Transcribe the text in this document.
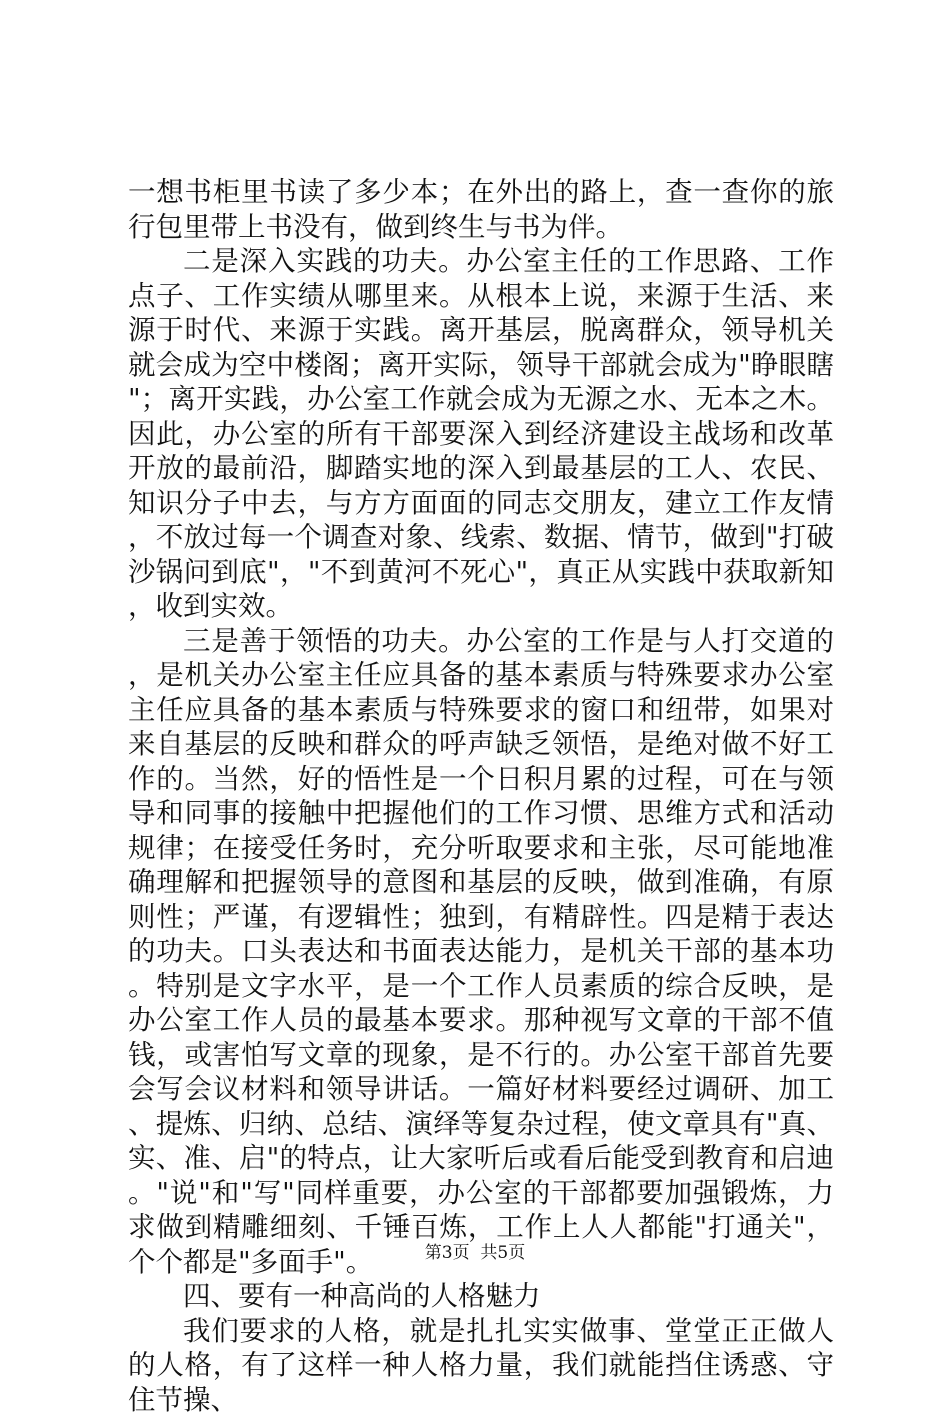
一想书柜里书读了多少本；在外出的路上，查一查你的旅行包里带上书没有，做到终生与书为伴。

二是深入实践的功夫。办公室主任的工作思路、工作点子、工作实绩从哪里来。从根本上说，来源于生活、来源于时代、来源于实践。离开基层，脱离群众，领导机关就会成为空中楼阁；离开实际，领导干部就会成为"睁眼瞎"；离开实践，办公室工作就会成为无源之水、无本之木。因此，办公室的所有干部要深入到经济建设主战场和改革开放的最前沿，脚踏实地的深入到最基层的工人、农民、知识分子中去，与方方面面的同志交朋友，建立工作友情，不放过每一个调查对象、线索、数据、情节，做到"打破沙锅问到底"，"不到黄河不死心"，真正从实践中获取新知，收到实效。

三是善于领悟的功夫。办公室的工作是与人打交道的，是机关办公室主任应具备的基本素质与特殊要求办公室主任应具备的基本素质与特殊要求的窗口和纽带，如果对来自基层的反映和群众的呼声缺乏领悟，是绝对做不好工作的。当然，好的悟性是一个日积月累的过程，可在与领导和同事的接触中把握他们的工作习惯、思维方式和活动规律；在接受任务时，充分听取要求和主张，尽可能地准确理解和把握领导的意图和基层的反映，做到准确，有原则性；严谨，有逻辑性；独到，有精辟性。四是精于表达的功夫。口头表达和书面表达能力，是机关干部的基本功。特别是文字水平，是一个工作人员素质的综合反映，是办公室工作人员的最基本要求。那种视写文章的干部不值钱，或害怕写文章的现象，是不行的。办公室干部首先要会写会议材料和领导讲话。一篇好材料要经过调研、加工、提炼、归纳、总结、演绎等复杂过程，使文章具有"真、实、准、启"的特点，让大家听后或看后能受到教育和启迪。"说"和"写"同样重要，办公室的干部都要加强锻炼，力求做到精雕细刻、千锤百炼，工作上人人都能"打通关"，个个都是"多面手"。

四、要有一种高尚的人格魅力

我们要求的人格，就是扎扎实实做事、堂堂正正做人的人格，有了这样一种人格力量，我们就能挡住诱惑、守住节操、

第3页  共5页
